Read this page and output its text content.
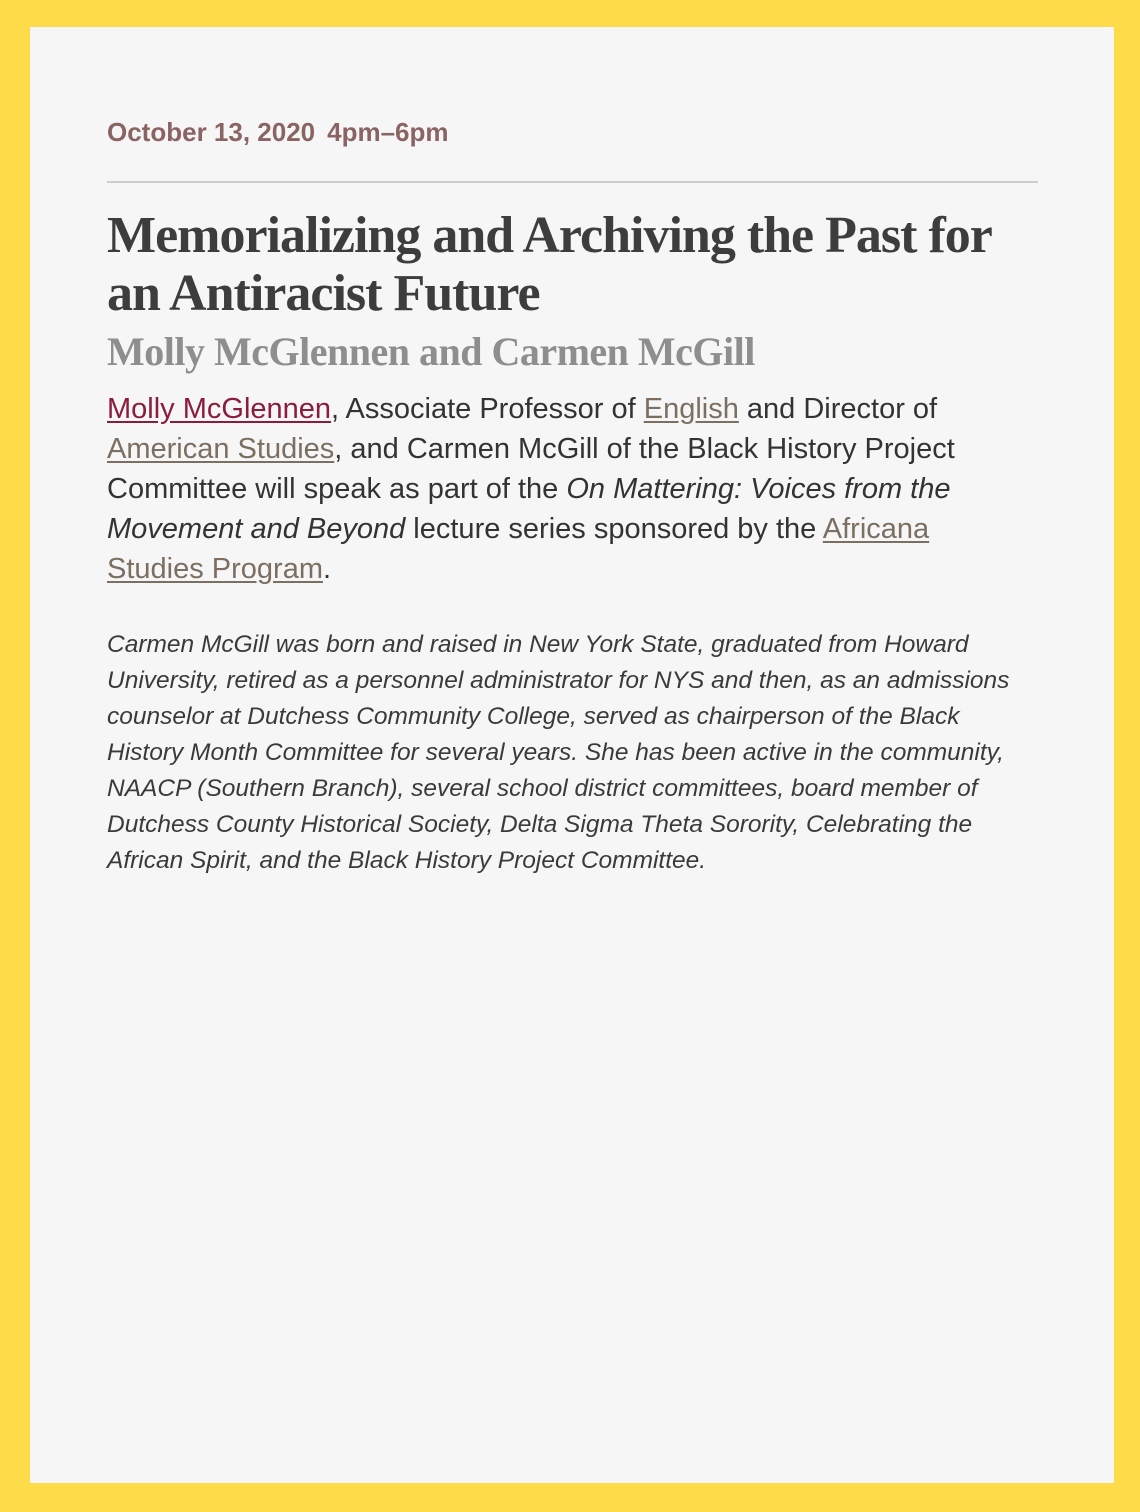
October 13, 2020 4pm–6pm
Memorializing and Archiving the Past for an Antiracist Future
Molly McGlennen and Carmen McGill

Molly McGlennen, Associate Professor of English and Director of American Studies, and Carmen McGill of the Black History Project Committee will speak as part of the On Mattering: Voices from the Movement and Beyond lecture series sponsored by the Africana Studies Program.

Carmen McGill was born and raised in New York State, graduated from Howard University, retired as a personnel administrator for NYS and then, as an admissions counselor at Dutchess Community College, served as chairperson of the Black History Month Committee for several years. She has been active in the community, NAACP (Southern Branch), several school district committees, board member of Dutchess County Historical Society, Delta Sigma Theta Sorority, Celebrating the African Spirit, and the Black History Project Committee.
